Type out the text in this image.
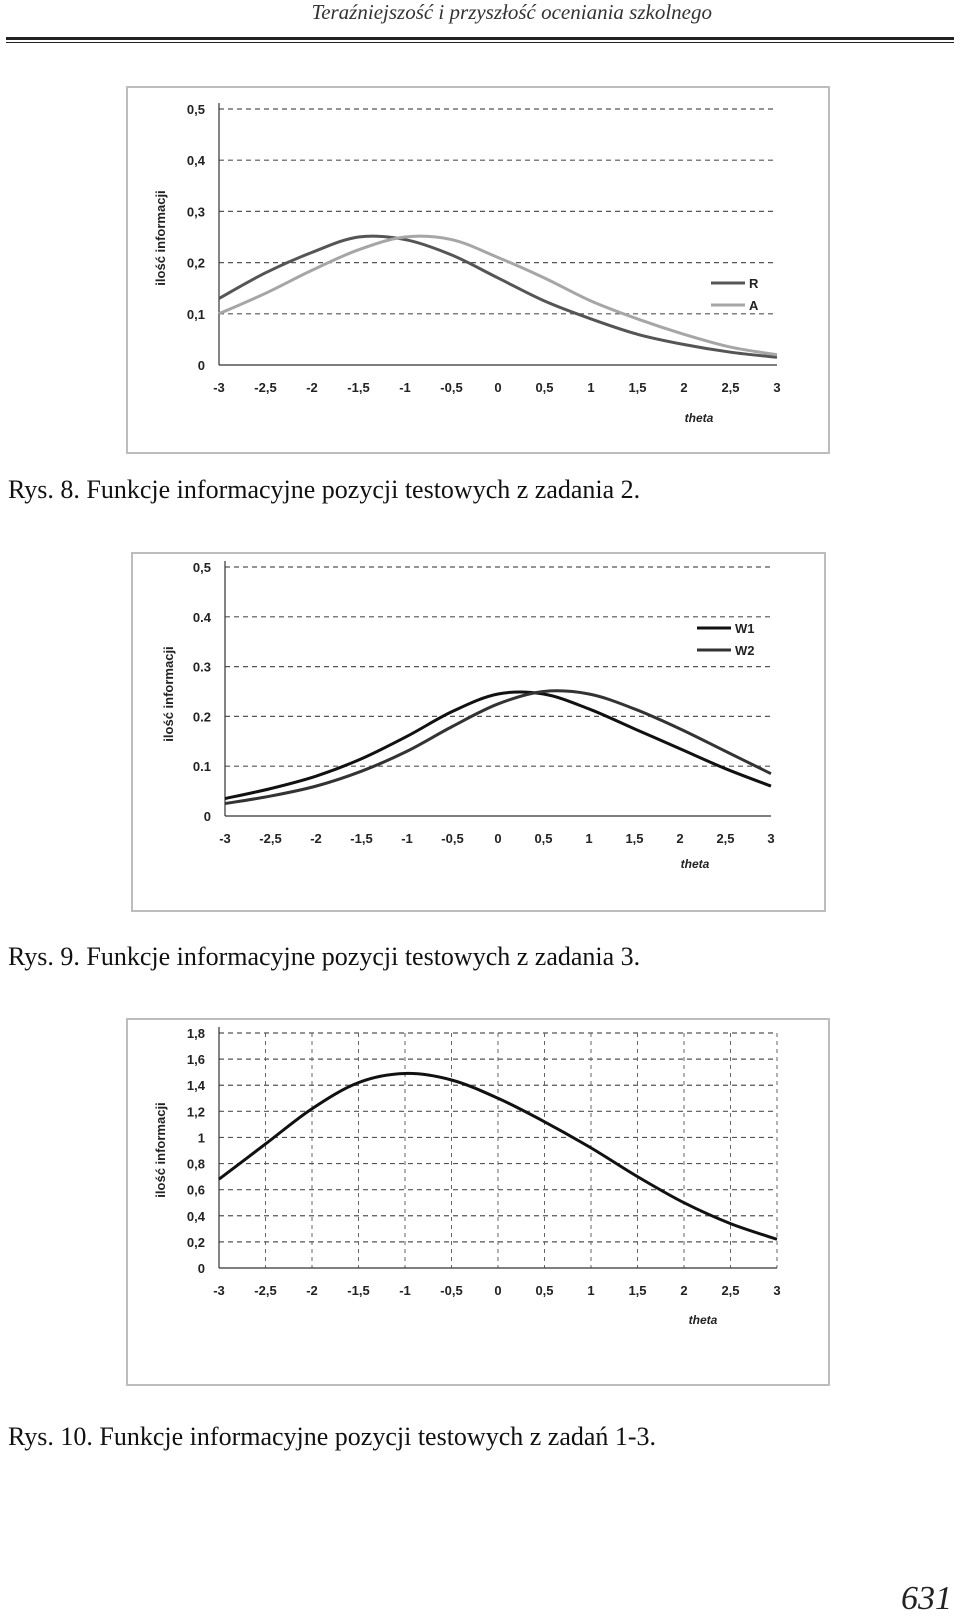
Teraźniejszość i przyszłość oceniania szkolnego
0
0,1
0,2
0,3
0,4
0,5
-3 -2,5 -2 -1,5 -1 -0,5 0	0,5	1	1,5	2	2,5	3
theta
ilość informacji	R
A
Rys. 8. Funkcje informacyjne pozycji testowych z zadania 2.
0
0.1
0.2
0.3
0.4
0,5
-3 -2,5 -2 -1,5 -1 -0,5 0	0,5	1	1,5	2	2,5	3
theta
ilość informacji
W1
W2
Rys. 9. Funkcje informacyjne pozycji testowych z zadania 3.
0
0,2
0,4
0,6
0,8
1
1,2
1,4
1,6
1,8
-3 -2,5 -2 -1,5 -1 -0,5 0	0,5	1	1,5	2	2,5	3
theta
ilość informacji
Rys. 10. Funkcje informacyjne pozycji testowych z zadań 1-3.
631
